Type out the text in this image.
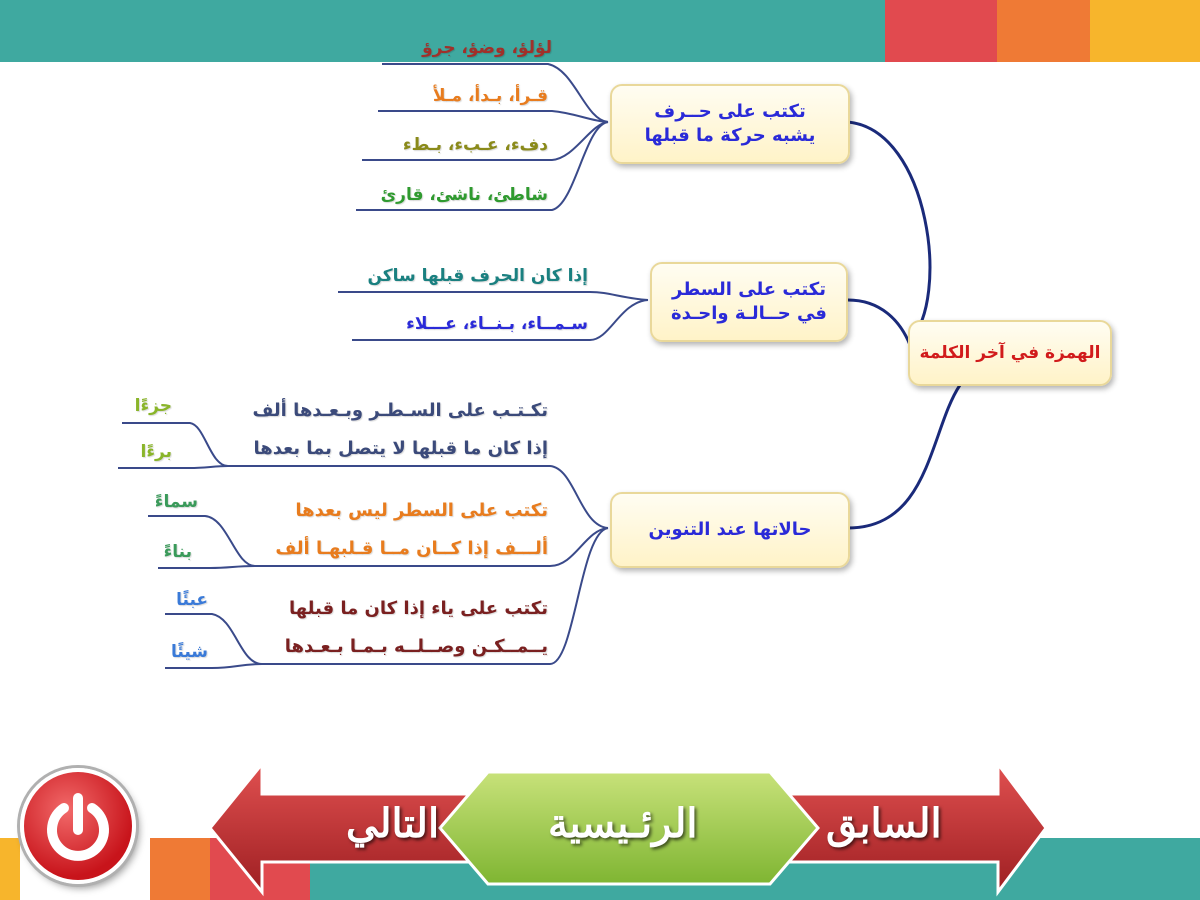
الهمزة في آخر الكلمة
تكتب على حــرف
يشبه حركة ما قبلها
لؤلؤ، وضؤ، جرؤ
قـرأ، بـدأ، مـلأ
دفء، عـبء، بـطء
شاطئ، ناشئ، قارئ
تكتب على السطر
في حــالـة واحـدة
إذا كان الحرف قبلها ساكن
سـمــاء، بـنــاء، عـــلاء
حالاتها عند التنوين
تكـتـب على السـطـر وبـعـدها ألف
إذا كان ما قبلها لا يتصل بما بعدها
جزءًا
برءًا
تكتب على السطر ليس بعدها
ألـــف إذا كــان مــا قـلبهـا ألف
سماءً
بناءً
تكتب على ياء إذا كان ما قبلها
يــمــكـن وصــلــه بـمـا بـعـدها
عبئًا
شيئًا
التالي	الرئـيسية	السابق
